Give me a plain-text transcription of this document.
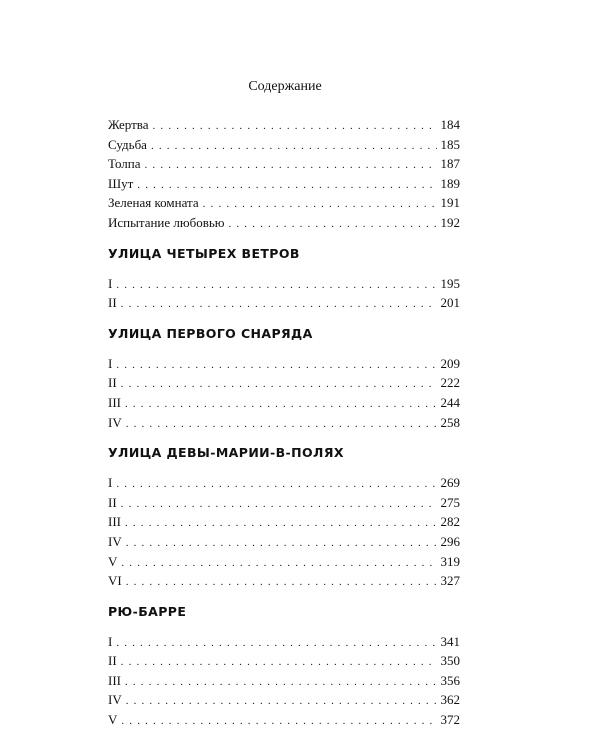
Содержание
Жертва . . .	184
Судьба . . .	185
Толпа . . .	187
Шут . . .	189
Зеленая комната . . .	191
Испытание любовью . . .	192
УЛИЦА ЧЕТЫРЕХ ВЕТРОВ
I . . .	195
II . . .	201
УЛИЦА ПЕРВОГО СНАРЯДА
I . . .	209
II . . .	222
III . . .	244
IV . . .	258
УЛИЦА ДЕВЫ-МАРИИ-В-ПОЛЯХ
I . . .	269
II . . .	275
III . . .	282
IV . . .	296
V . . .	319
VI . . .	327
РЮ-БАРРЕ
I . . .	341
II . . .	350
III . . .	356
IV . . .	362
V . . .	372
